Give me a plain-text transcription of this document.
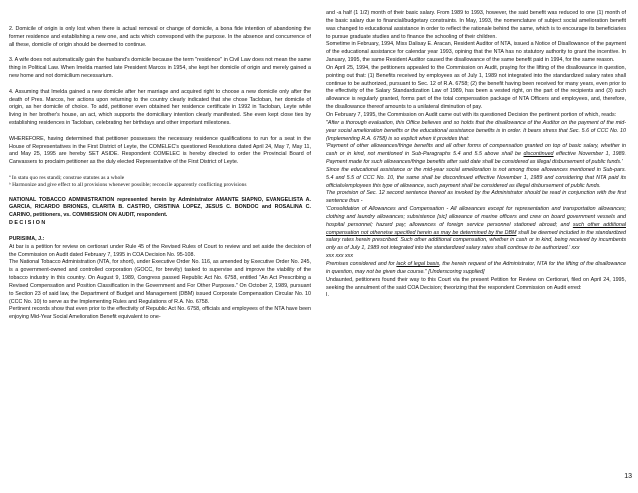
2. Domicile of origin is only lost when there is actual removal or change of domicile, a bona fide intention of abandoning the former residence and establishing a new one, and acts which correspond with the purpose. In the absence and concurrence of all these, domicile of origin should be deemed to continue.

3. A wife does not automatically gain the husband's domicile because the term "residence" in Civil Law does not mean the same thing in Political Law. When Imelda married late President Marcos in 1954, she kept her domicile of origin and merely gained a new home and not domicilium necessarium.

4. Assuming that Imelda gained a new domicile after her marriage and acquired right to choose a new domicile only after the death of Pres. Marcos, her actions upon returning to the country clearly indicated that she chose Tacloban, her domicile of origin, as her domicile of choice. To add, petitioner even obtained her residence certificate in 1992 in Tacloban, Leyte while living in her brother's house, an act, which supports the domiciliary intention clearly manifested. She even kept close ties by establishing residences in Tacloban, celebrating her birthdays and other important milestones.

WHEREFORE, having determined that petitioner possesses the necessary residence qualifications to run for a seat in the House of Representatives in the First District of Leyte, the COMELEC's questioned Resolutions dated April 24, May 7, May 11, and May 25, 1995 are hereby SET ASIDE. Respondent COMELEC is hereby directed to order the Provincial Board of Canvassers to proclaim petitioner as the duly elected Representative of the First District of Leyte.

ª In statu quo res standi; construe statutes as a whole

ᵇ Harmonize and give effect to all provisions whenever possible; reconcile apparently conflicting provisions

NATIONAL TOBACCO ADMINISTRATION represented herein by Administrator AMANTE SIAPNO, EVANGELISTA A. GARCIA, RICARDO BRIONES, CLARITA B. CASTRO, CRISTINA LOPEZ, JESUS C. BONDOC and ROSALINA C. CARINO, petitioners, vs. COMMISSION ON AUDIT, respondent.

D E C I S I O N

PURISIMA, J.:

At bar is a petition for review on certiorari under Rule 45 of the Revised Rules of Court to review and set aside the decision of the Commission on Audit dated February 7, 1995 in COA Decision No. 95-108.

The National Tobacco Administration (NTA, for short), under Executive Order No. 116, as amended by Executive Order No. 245, is a government-owned and controlled corporation (GOCC, for brevity) tasked to supervise and improve the viability of the tobacco industry in this country. On August 9, 1989, Congress passed Republic Act No. 6758, entitled "An Act Prescribing a Revised Compensation and Position Classification in the Government and For Other Purposes." On October 2, 1989, pursuant to Section 23 of said law, the Department of Budget and Management (DBM) issued Corporate Compensation Circular No. 10 (CCC No. 10) to serve as the Implementing Rules and Regulations of R.A. No. 6758.

Pertinent records show that even prior to the effectivity of Republic Act No. 6758, officials and employees of the NTA have been enjoying Mid-Year Social Amelioration Benefit equivalent to one-

and -a half (1 1/2) month of their basic salary. From 1989 to 1993, however, the said benefit was reduced to one (1) month of the basic salary due to financial/budgetary constraints. In May, 1993, the nomenclature of subject social amelioration benefit was changed to educational assistance in order to reflect the rationale behind the same, which is to encourage its beneficiaries to pursue graduate studies and to finance the schooling of their children.

Sometime in February, 1994, Miss Dalisay E. Aracan, Resident Auditor of NTA, issued a Notice of Disallowance of the payment of the educational assistance for calendar year 1993, opining that the NTA has no statutory authority to grant the incentive. In January, 1995, the same Resident Auditor caused the disallowance of the same benefit paid in 1994, for the same reason.

On April 25, 1994, the petitioners appealed to the Commission on Audit, praying for the lifting of the disallowance in question, pointing out that: (1) Benefits received by employees as of July 1, 1989 not integrated into the standardized salary rates shall continue to be authorized, pursuant to Sec. 12 of R.A. 6758; (2) the benefit having been received for many years, even prior to the effectivity of the Salary Standardization Law of 1989, has been a vested right, on the part of the recipients and (3) such allowance is regularly granted, forms part of the total compensation package of NTA Officers and employees, and, therefore, the disallowance thereof amounts to a unilateral diminution of pay.

On February 7, 1995, the Commission on Audit came out with its questioned Decision the pertinent portion of which, reads:

"After a thorough evaluation, this Office believes and so holds that the disallowance of the Auditor on the payment of the mid-year social amelioration benefits or the educational assistance benefits is in order. It bears stress that Sec. 5.6 of CCC No. 10 (Implementing R.A. 6758) is so explicit when it provides that:

'Payment of other allowances/fringe benefits and all other forms of compensation granted on top of basic salary, whether in cash or in kind, not mentioned in Sub-Paragraphs 5.4 and 5.5 above shall be discontinued effective November 1, 1989. Payment made for such allowances/fringe benefits after said date shall be considered as illegal disbursement of public funds.'

Since the educational assistance or the mid-year social amelioration is not among those allowances mentioned in Sub-pars. 5.4 and 5.5 of CCC No. 10, the same shall be discontinued effective November 1, 1989 and considering that NTA paid its officials/employees this type of allowance, such payment shall be considered as illegal disbursement of public funds.

The provision of Sec. 12 second sentence thereof as invoked by the Administrator should be read in conjunction with the first sentence thus -

'Consolidation of Allowances and Compensation - All allowances except for representation and transportation allowances; clothing and laundry allowances; subsistence [sic] allowance of marine officers and crew on board government vessels and hospital personnel; hazard pay; allowances of foreign service personnel stationed abroad; and such other additional compensation not otherwise specified herein as may be determined by the DBM shall be deemed included in the standardized salary rates herein prescribed. Such other additional compensation, whether in cash or in kind, being received by incumbents only as of July 1, 1989 not integrated into the standardized salary rates shall continue to be authorized.' xxx

xxx xxx xxx

Premises considered and for lack of legal basis, the herein request of the Administrator, NTA for the lifting of the disallowance in question, may not be given due course." [Underscoring supplied]

Undaunted, petitioners found their way to this Court via the present Petition for Review on Certiorari, filed on April 24, 1995, seeking the annulment of the said COA Decision; theorizing that the respondent Commission on Audit erred:

I.

13
